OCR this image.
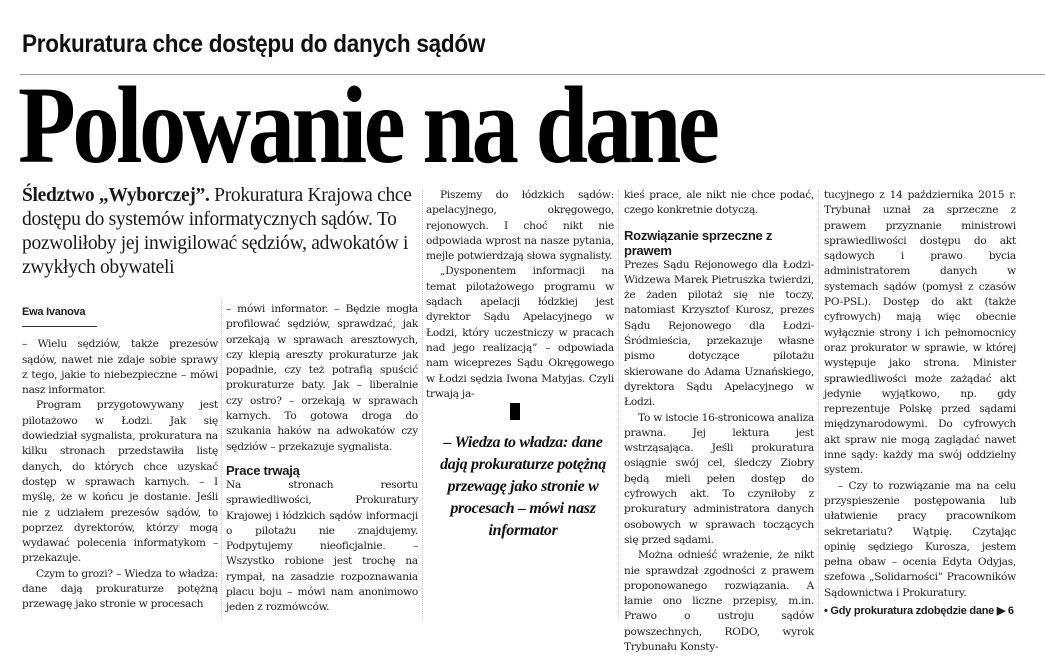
Prokuratura chce dostępu do danych sądów
Polowanie na dane
Śledztwo „Wyborczej”. Prokuratura Krajowa chce dostępu do systemów informatycznych sądów. To pozwoliłoby jej inwigilować sędziów, adwokatów i zwykłych obywateli
Ewa Ivanova

– Wielu sędziów, także prezesów sądów, nawet nie zdaje sobie sprawy z tego, jakie to niebezpieczne – mówi nasz informator.

Program przygotowywany jest pilotażowo w Łodzi. Jak się dowiedział sygnalista, prokuratura na kilku stronach przedstawiła listę danych, do których chce uzyskać dostęp w sprawach karnych. – I myślę, że w końcu je dostanie. Jeśli nie z udziałem prezesów sądów, to poprzez dyrektorów, którzy mogą wydawać polecenia informatykom – przekazuje.

Czym to grozi? – Wiedza to władza: dane dają prokuraturze potężną przewagę jako stronie w procesach

– mówi informator. – Będzie mogła profilować sędziów, sprawdzać, jak orzekają w sprawach aresztowych, czy klepią areszty prokuraturze jak popadnie, czy też potrafią spuścić prokuraturze baty. Jak – liberalnie czy ostro? – orzekają w sprawach karnych. To gotowa droga do szukania haków na adwokatów czy sędziów – przekazuje sygnalista.

Prace trwają

Na stronach resortu sprawiedliwości, Prokuratury Krajowej i łódzkich sądów informacji o pilotażu nie znajdujemy. Podpytujemy nieoficjalnie. – Wszystko robione jest trochę na rympał, na zasadzie rozpoznawania placu boju – mówi nam anonimowo jeden z rozmówców.

Piszemy do łódzkich sądów: apelacyjnego, okręgowego, rejonowych. I choć nikt nie odpowiada wprost na nasze pytania, mejle potwierdzają słowa sygnalisty.

„Dysponentem informacji na temat pilotażowego programu w sądach apelacji łódzkiej jest dyrektor Sądu Apelacyjnego w Łodzi, który uczestniczy w pracach nad jego realizacją” – odpowiada nam wiceprezes Sądu Okręgowego w Łodzi sędzia Iwona Matyjas. Czyli trwają ja-

– Wiedza to władza: dane dają prokuraturze potężną przewagę jako stronie w procesach – mówi nasz informator

kieś prace, ale nikt nie chce podać, czego konkretnie dotyczą.

Rozwiązanie sprzeczne z prawem

Prezes Sądu Rejonowego dla Łodzi-Widzewa Marek Pietruszka twierdzi, że żaden pilotaż się nie toczy, natomiast Krzysztof Kurosz, prezes Sądu Rejonowego dla Łodzi-Śródmieścia, przekazuje własne pismo dotyczące pilotażu skierowane do Adama Uznańskiego, dyrektora Sądu Apelacyjnego w Łodzi.

To w istocie 16-stronicowa analiza prawna. Jej lektura jest wstrząsająca. Jeśli prokuratura osiągnie swój cel, śledczy Ziobry będą mieli pełen dostęp do cyfrowych akt. To czyniłoby z prokuratury administratora danych osobowych w sprawach toczących się przed sądami.

Można odnieść wrażenie, że nikt nie sprawdzał zgodności z prawem proponowanego rozwiązania. A łamie ono liczne przepisy, m.in. Prawo o ustroju sądów powszechnych, RODO, wyrok Trybunału Konsty-

tucyjnego z 14 października 2015 r. Trybunał uznał za sprzeczne z prawem przyznanie ministrowi sprawiedliwości dostępu do akt sądowych i prawo bycia administratorem danych w systemach sądów (pomysł z czasów PO-PSL). Dostęp do akt (także cyfrowych) mają więc obecnie wyłącznie strony i ich pełnomocnicy oraz prokurator w sprawie, w której występuje jako strona. Minister sprawiedliwości może zażądać akt jedynie wyjątkowo, np. gdy reprezentuje Polskę przed sądami międzynarodowymi. Do cyfrowych akt spraw nie mogą zaglądać nawet inne sądy: każdy ma swój oddzielny system.

– Czy to rozwiązanie ma na celu przyspieszenie postępowania lub ułatwienie pracy pracownikom sekretariatu? Wątpię. Czytając opinię sędziego Kurosza, jestem pełna obaw – ocenia Edyta Odyjas, szefowa „Solidarności” Pracowników Sądownictwa i Prokuratury.

• Gdy prokuratura zdobędzie dane ▶ 6
